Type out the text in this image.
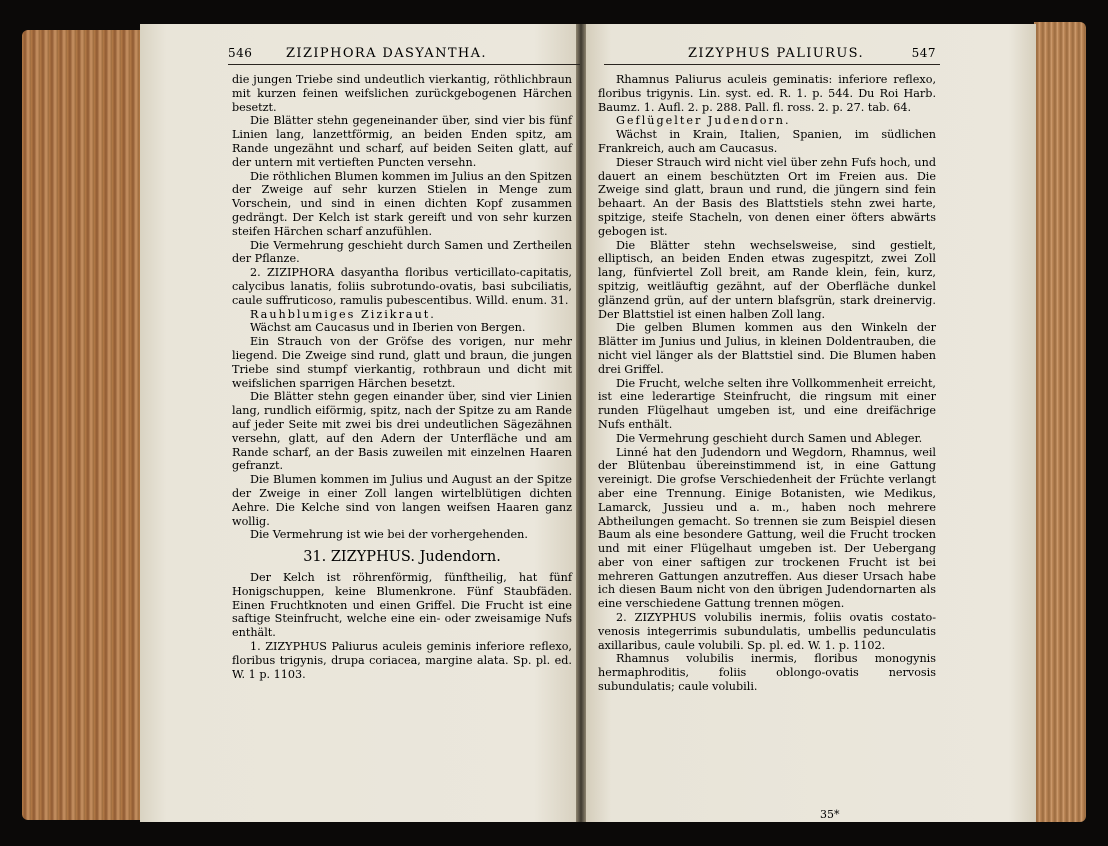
546	ZIZIPHORA DASYANTHA.	ZIZYPHUS PALIURUS.	547

die jungen Triebe sind undeutlich vierkantig, röthlichbraun mit kurzen feinen weifslichen zurückgebogenen Härchen besetzt.

Die Blätter stehn gegeneinander über, sind vier bis fünf Linien lang, lanzettförmig, an beiden Enden spitz, am Rande ungezähnt und scharf, auf beiden Seiten glatt, auf der untern mit vertieften Puncten versehn.

Die röthlichen Blumen kommen im Julius an den Spitzen der Zweige auf sehr kurzen Stielen in Menge zum Vorschein, und sind in einen dichten Kopf zusammen gedrängt. Der Kelch ist stark gereift und von sehr kurzen steifen Härchen scharf anzufühlen.

Die Vermehrung geschieht durch Samen und Zertheilen der Pflanze.

2. ZIZIPHORA dasyantha floribus verticillato-capitatis, calycibus lanatis, foliis subrotundo-ovatis, basi subciliatis, caule suffruticoso, ramulis pubescentibus. Willd. enum. 31.

Rauhblumiges Zizikraut.

Wächst am Caucasus und in Iberien von Bergen.

Ein Strauch von der Gröfse des vorigen, nur mehr liegend. Die Zweige sind rund, glatt und braun, die jungen Triebe sind stumpf vierkantig, rothbraun und dicht mit weifslichen sparrigen Härchen besetzt.

Die Blätter stehn gegen einander über, sind vier Linien lang, rundlich eiförmig, spitz, nach der Spitze zu am Rande auf jeder Seite mit zwei bis drei undeutlichen Sägezähnen versehn, glatt, auf den Adern der Unterfläche und am Rande scharf, an der Basis zuweilen mit einzelnen Haaren gefranzt.

Die Blumen kommen im Julius und August an der Spitze der Zweige in einer Zoll langen wirtelblütigen dichten Aehre. Die Kelche sind von langen weifsen Haaren ganz wollig.

Die Vermehrung ist wie bei der vorhergehenden.

31. ZIZYPHUS. Judendorn.

Der Kelch ist röhrenförmig, fünftheilig, hat fünf Honigschuppen, keine Blumenkrone. Fünf Staubfäden. Einen Fruchtknoten und einen Griffel. Die Frucht ist eine saftige Steinfrucht, welche eine ein- oder zweisamige Nufs enthält.

1. ZIZYPHUS Paliurus aculeis geminis inferiore reflexo, floribus trigynis, drupa coriacea, margine alata. Sp. pl. ed. W. 1 p. 1103.

Rhamnus Paliurus aculeis geminatis: inferiore reflexo, floribus trigynis. Lin. syst. ed. R. 1. p. 544. Du Roi Harb. Baumz. 1. Aufl. 2. p. 288. Pall. fl. ross. 2. p. 27. tab. 64.

Geflügelter Judendorn.

Wächst in Krain, Italien, Spanien, im südlichen Frankreich, auch am Caucasus.

Dieser Strauch wird nicht viel über zehn Fufs hoch, und dauert an einem beschützten Ort im Freien aus. Die Zweige sind glatt, braun und rund, die jüngern sind fein behaart. An der Basis des Blattstiels stehn zwei harte, spitzige, steife Stacheln, von denen einer öfters abwärts gebogen ist.

Die Blätter stehn wechselsweise, sind gestielt, elliptisch, an beiden Enden etwas zugespitzt, zwei Zoll lang, fünfviertel Zoll breit, am Rande klein, fein, kurz, spitzig, weitläuftig gezähnt, auf der Oberfläche dunkel glänzend grün, auf der untern blafsgrün, stark dreinervig. Der Blattstiel ist einen halben Zoll lang.

Die gelben Blumen kommen aus den Winkeln der Blätter im Junius und Julius, in kleinen Doldentrauben, die nicht viel länger als der Blattstiel sind. Die Blumen haben drei Griffel.

Die Frucht, welche selten ihre Vollkommenheit erreicht, ist eine lederartige Steinfrucht, die ringsum mit einer runden Flügelhaut umgeben ist, und eine dreifächrige Nufs enthält.

Die Vermehrung geschieht durch Samen und Ableger.

Linné hat den Judendorn und Wegdorn, Rhamnus, weil der Blütenbau übereinstimmend ist, in eine Gattung vereinigt. Die grofse Verschiedenheit der Früchte verlangt aber eine Trennung. Einige Botanisten, wie Medikus, Lamarck, Jussieu und a. m., haben noch mehrere Abtheilungen gemacht. So trennen sie zum Beispiel diesen Baum als eine besondere Gattung, weil die Frucht trocken und mit einer Flügelhaut umgeben ist. Der Uebergang aber von einer saftigen zur trockenen Frucht ist bei mehreren Gattungen anzutreffen. Aus dieser Ursach habe ich diesen Baum nicht von den übrigen Judendornarten als eine verschiedene Gattung trennen mögen.

2. ZIZYPHUS volubilis inermis, foliis ovatis costato-venosis integerrimis subundulatis, umbellis pedunculatis axillaribus, caule volubili. Sp. pl. ed. W. 1. p. 1102.

Rhamnus volubilis inermis, floribus monogynis hermaphroditis, foliis oblongo-ovatis nervosis subundulatis; caule volubili.

35*
